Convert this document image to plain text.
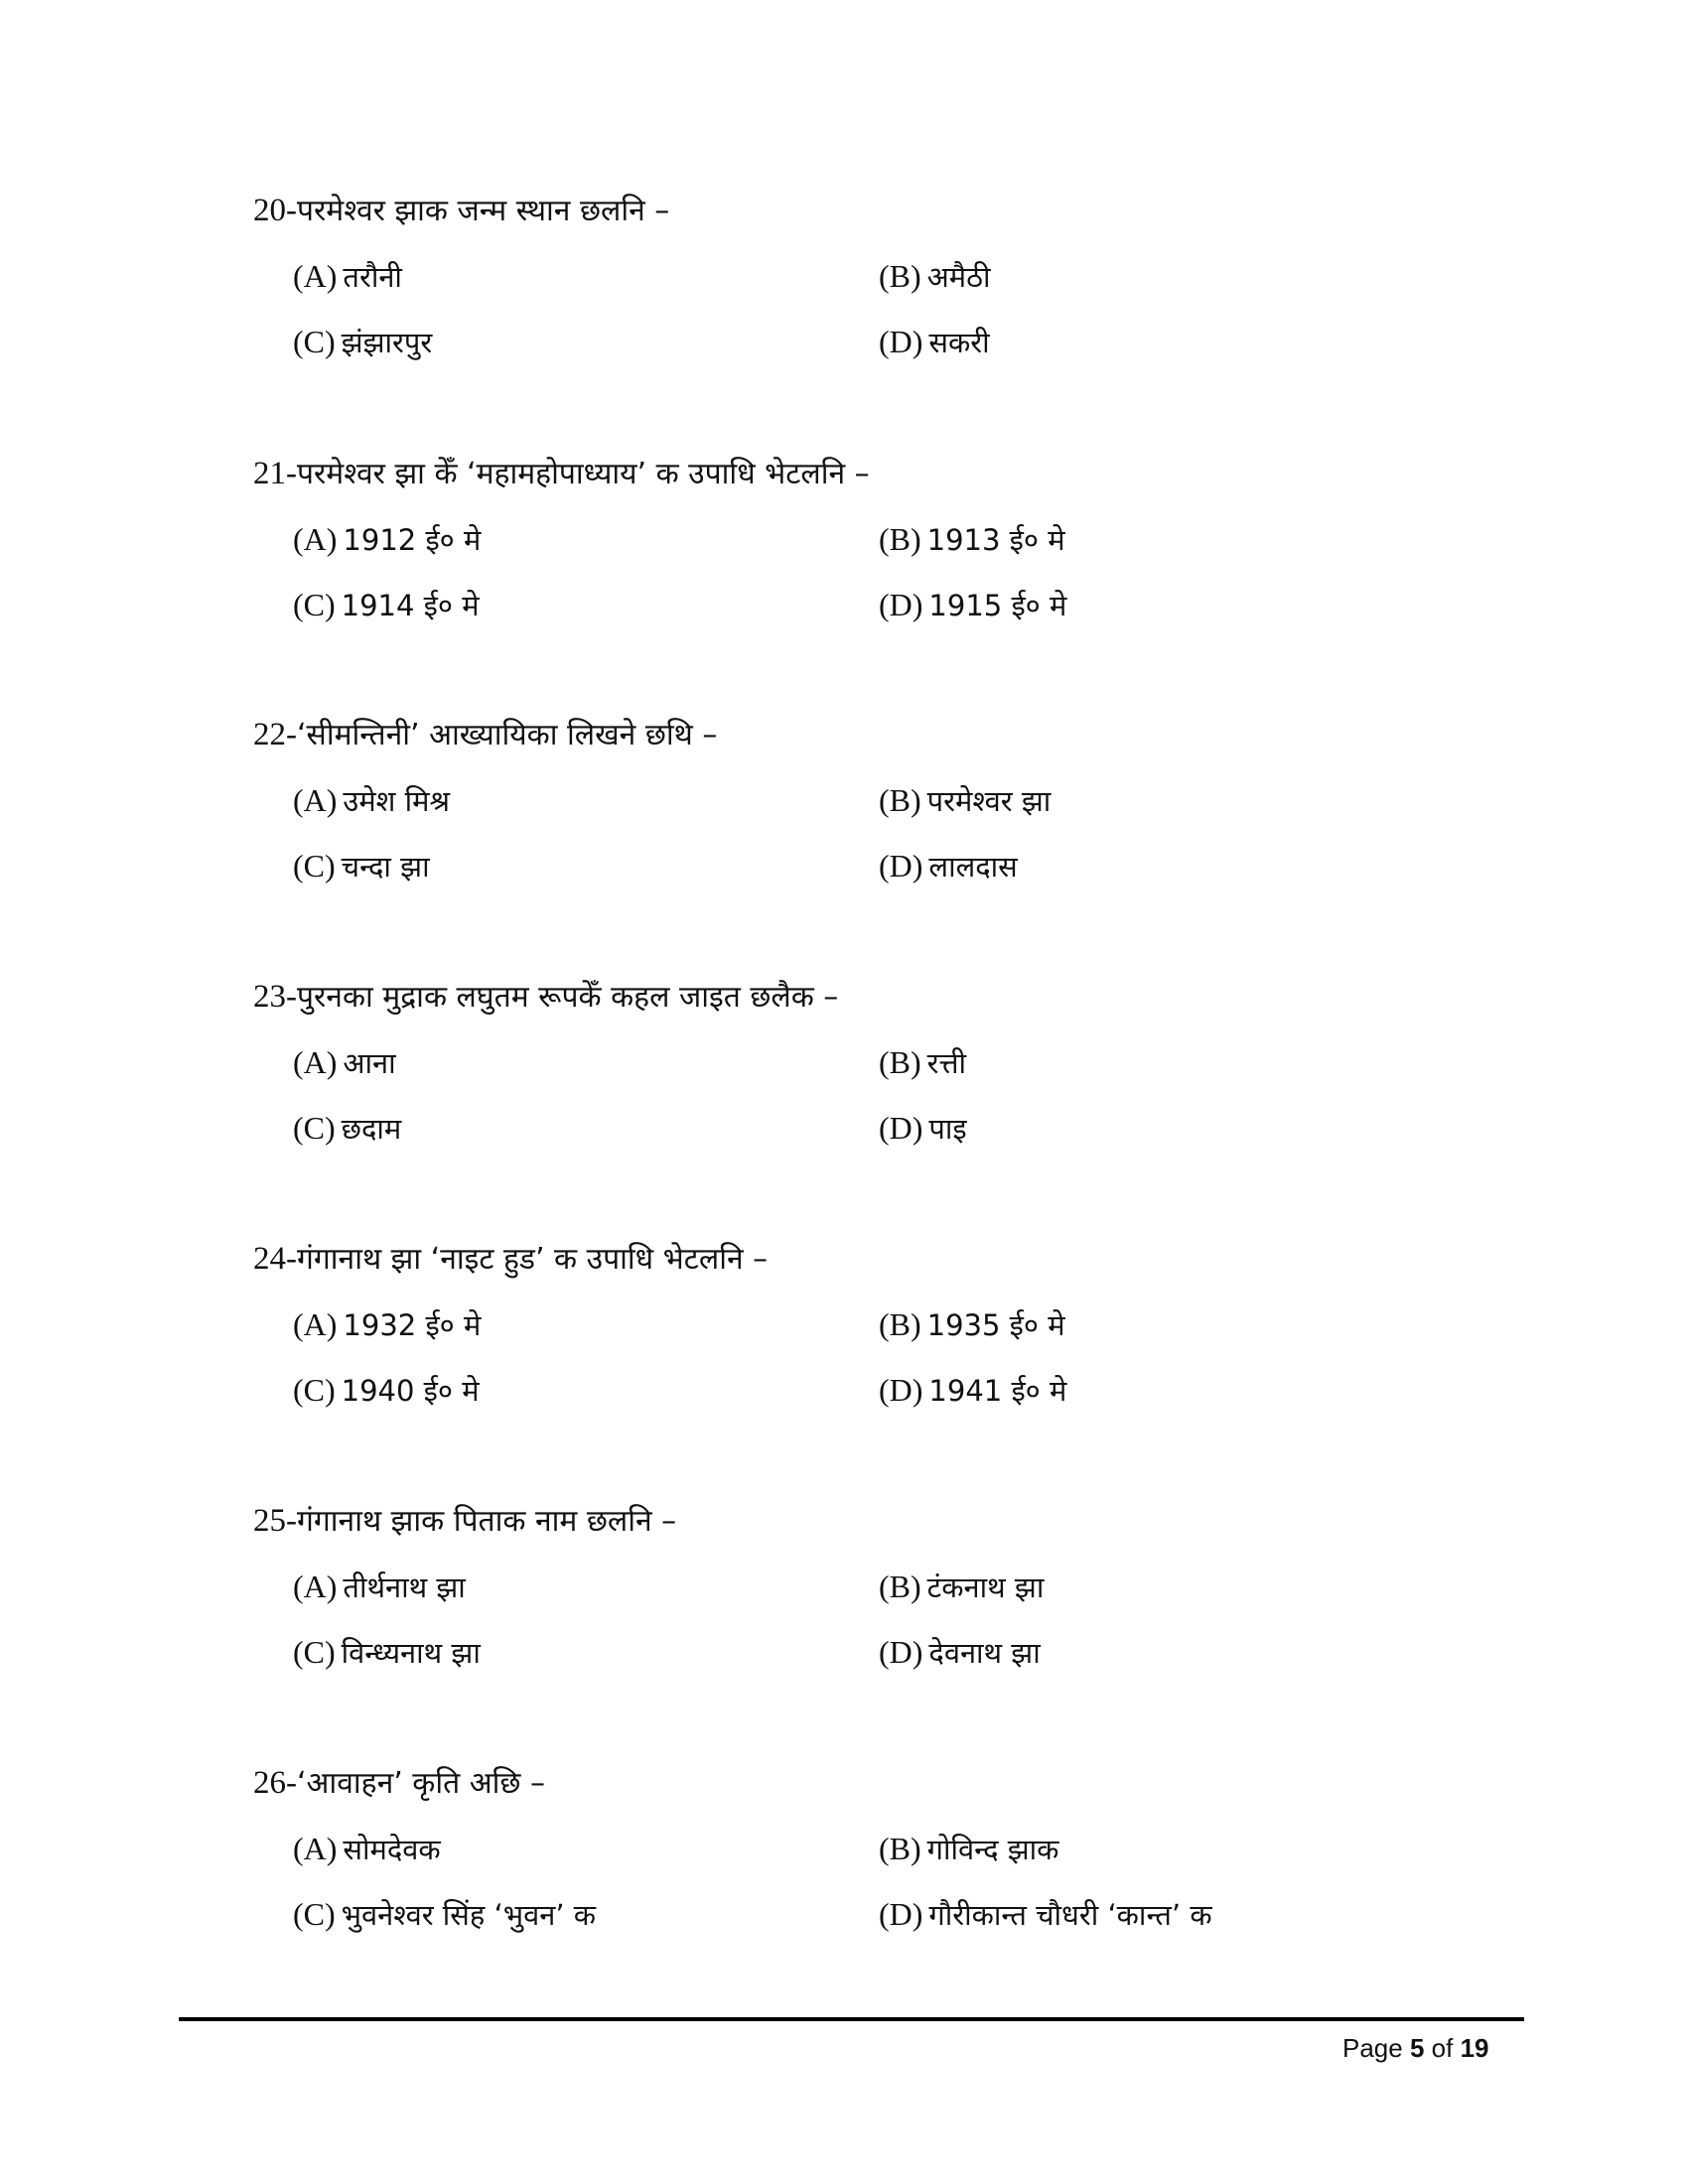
20-परमेश्वर झाक जन्म स्थान छलनि –
(A) तरौनी	(B) अमैठी
(C) झंझारपुर	(D) सकरी
21-परमेश्वर झा केँ ‘महामहोपाध्याय’ क उपाधि भेटलनि –
(A) 1912 ई० मे	(B) 1913 ई० मे
(C) 1914 ई० मे	(D) 1915 ई० मे
22-‘सीमन्तिनी’ आख्यायिका लिखने छथि –
(A) उमेश मिश्र	(B) परमेश्वर झा
(C) चन्दा झा	(D) लालदास
23-पुरनका मुद्राक लघुतम रूपकेँ कहल जाइत छलैक –
(A) आना	(B) रत्ती
(C) छदाम	(D) पाइ
24-गंगानाथ झा ‘नाइट हुड’ क उपाधि भेटलनि –
(A) 1932 ई० मे	(B) 1935 ई० मे
(C) 1940 ई० मे	(D) 1941 ई० मे
25-गंगानाथ झाक पिताक नाम छलनि –
(A) तीर्थनाथ झा	(B) टंकनाथ झा
(C) विन्ध्यनाथ झा	(D) देवनाथ झा
26-‘आवाहन’ कृति अछि –
(A) सोमदेवक	(B) गोविन्द झाक
(C) भुवनेश्वर सिंह ‘भुवन’ क	(D) गौरीकान्त चौधरी ‘कान्त’ क
Page 5 of 19
